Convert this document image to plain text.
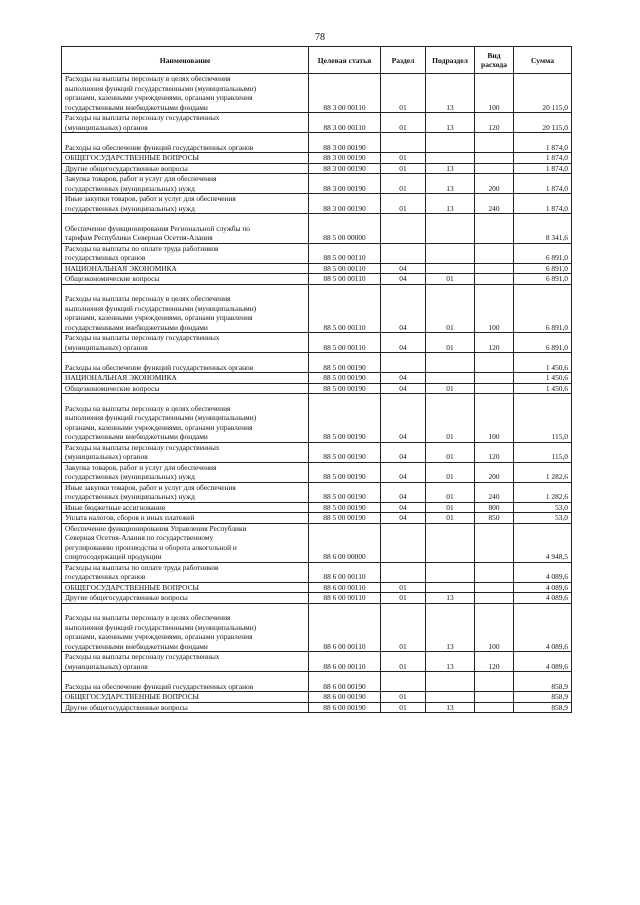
78
Наименование	Целевая статья	Раздел	Подраздел	Вид расхода	Сумма

Расходы на выплаты персоналу в целях обеспечения
выполнения функций государственными (муниципальными)
органами, казенными учреждениями, органами управления
государственными внебюджетными фондами	88 3 00 00110	01	13	100	20 115,0

Расходы на выплаты персоналу государственных
(муниципальных) органов	88 3 00 00110	01	13	120	20 115,0

Расходы на обеспечение функций государственных органов	88 3 00 00190				1 874,0

ОБЩЕГОСУДАРСТВЕННЫЕ ВОПРОСЫ	88 3 00 00190	01			1 874,0

Другие общегосударственные вопросы	88 3 00 00190	01	13		1 874,0

Закупка товаров, работ и услуг для обеспечения
государственных (муниципальных) нужд	88 3 00 00190	01	13	200	1 874,0

Иные закупки товаров, работ и услуг для обеспечения
государственных (муниципальных) нужд	88 3 00 00190	01	13	240	1 874,0

Обеспечение функционирования Региональной службы по
тарифам Республики Северная Осетия-Алания	88 5 00 00000				8 341,6

Расходы на выплаты по оплате труда работников
государственных органов	88 5 00 00110				6 891,0

НАЦИОНАЛЬНАЯ ЭКОНОМИКА	88 5 00 00110	04			6 891,0

Общеэкономические вопросы	88 5 00 00110	04	01		6 891,0

Расходы на выплаты персоналу в целях обеспечения
выполнения функций государственными (муниципальными)
органами, казенными учреждениями, органами управления
государственными внебюджетными фондами	88 5 00 00110	04	01	100	6 891,0

Расходы на выплаты персоналу государственных
(муниципальных) органов	88 5 00 00110	04	01	120	6 891,0

Расходы на обеспечение функций государственных органов	88 5 00 00190				1 450,6

НАЦИОНАЛЬНАЯ ЭКОНОМИКА	88 5 00 00190	04			1 450,6

Общеэкономические вопросы	88 5 00 00190	04	01		1 450,6

Расходы на выплаты персоналу в целях обеспечения
выполнения функций государственными (муниципальными)
органами, казенными учреждениями, органами управления
государственными внебюджетными фондами	88 5 00 00190	04	01	100	115,0

Расходы на выплаты персоналу государственных
(муниципальных) органов	88 5 00 00190	04	01	120	115,0

Закупка товаров, работ и услуг для обеспечения
государственных (муниципальных) нужд	88 5 00 00190	04	01	200	1 282,6

Иные закупки товаров, работ и услуг для обеспечения
государственных (муниципальных) нужд	88 5 00 00190	04	01	240	1 282,6

Иные бюджетные ассигнования	88 5 00 00190	04	01	800	53,0

Уплата налогов, сборов и иных платежей	88 5 00 00190	04	01	850	53,0

Обеспечение функционирования Управления Республики
Северная Осетия-Алания по государственному
регулированию производства и оборота алкогольной и
спиртосодержащей продукции	88 6 00 00000				4 948,5

Расходы на выплаты по оплате труда работников
государственных органов	88 6 00 00110				4 089,6

ОБЩЕГОСУДАРСТВЕННЫЕ ВОПРОСЫ	88 6 00 00110	01			4 089,6

Другие общегосударственные вопросы	88 6 00 00110	01	13		4 089,6

Расходы на выплаты персоналу в целях обеспечения
выполнения функций государственными (муниципальными)
органами, казенными учреждениями, органами управления
государственными внебюджетными фондами	88 6 00 00110	01	13	100	4 089,6

Расходы на выплаты персоналу государственных
(муниципальных) органов	88 6 00 00110	01	13	120	4 089,6

Расходы на обеспечение функций государственных органов	88 6 00 00190				858,9

ОБЩЕГОСУДАРСТВЕННЫЕ ВОПРОСЫ	88 6 00 00190	01			858,9

Другие общегосударственные вопросы	88 6 00 00190	01	13		858,9
